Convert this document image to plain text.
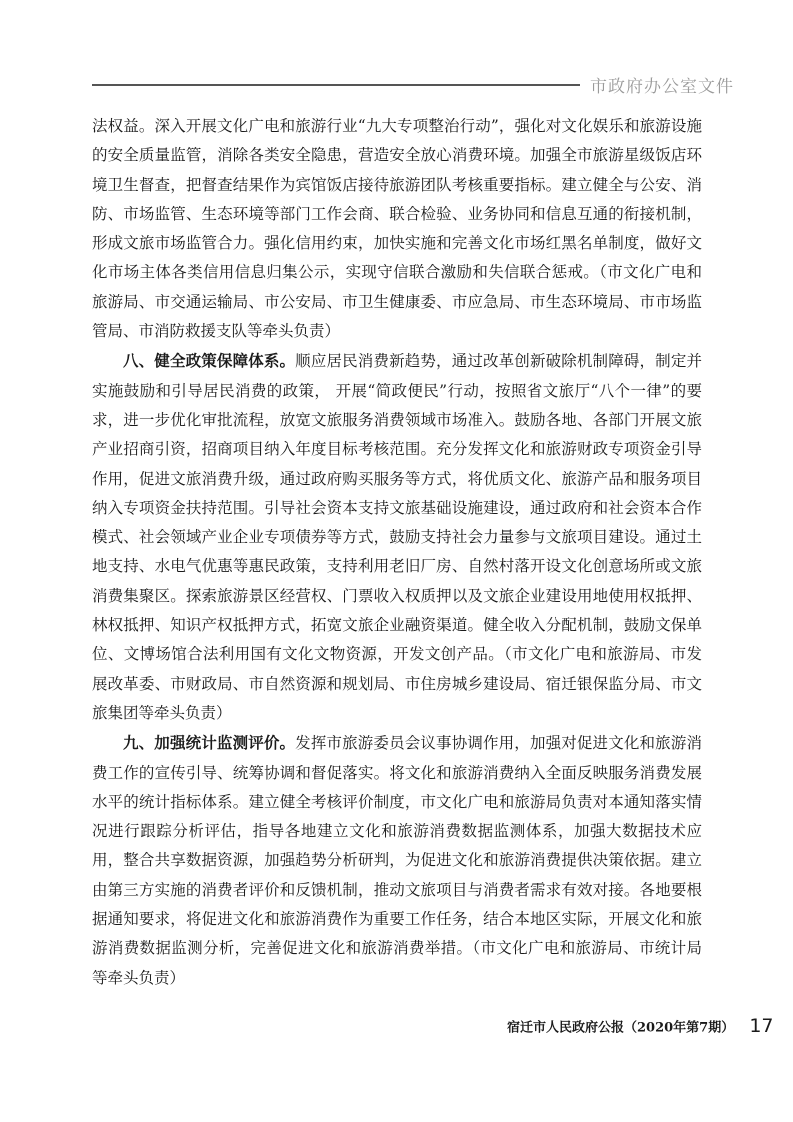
市政府办公室文件

法权益。深入开展文化广电和旅游行业“九大专项整治行动”，强化对文化娱乐和旅游设施的安全质量监管，消除各类安全隐患，营造安全放心消费环境。加强全市旅游星级饭店环境卫生督查，把督查结果作为宾馆饭店接待旅游团队考核重要指标。建立健全与公安、消防、市场监管、生态环境等部门工作会商、联合检验、业务协同和信息互通的衔接机制，形成文旅市场监管合力。强化信用约束，加快实施和完善文化市场红黑名单制度，做好文化市场主体各类信用信息归集公示，实现守信联合激励和失信联合惩戒。（市文化广电和旅游局、市交通运输局、市公安局、市卫生健康委、市应急局、市生态环境局、市市场监管局、市消防救援支队等牵头负责）

八、健全政策保障体系。顺应居民消费新趋势，通过改革创新破除机制障碍，制定并实施鼓励和引导居民消费的政策， 开展“简政便民”行动，按照省文旅厅“八个一律”的要求，进一步优化审批流程，放宽文旅服务消费领域市场准入。鼓励各地、各部门开展文旅产业招商引资，招商项目纳入年度目标考核范围。充分发挥文化和旅游财政专项资金引导作用，促进文旅消费升级，通过政府购买服务等方式，将优质文化、旅游产品和服务项目纳入专项资金扶持范围。引导社会资本支持文旅基础设施建设，通过政府和社会资本合作模式、社会领域产业企业专项债券等方式，鼓励支持社会力量参与文旅项目建设。通过土地支持、水电气优惠等惠民政策，支持利用老旧厂房、自然村落开设文化创意场所或文旅消费集聚区。探索旅游景区经营权、门票收入权质押以及文旅企业建设用地使用权抵押、林权抵押、知识产权抵押方式，拓宽文旅企业融资渠道。健全收入分配机制，鼓励文保单位、文博场馆合法利用国有文化文物资源，开发文创产品。（市文化广电和旅游局、市发展改革委、市财政局、市自然资源和规划局、市住房城乡建设局、宿迁银保监分局、市文旅集团等牵头负责）

九、加强统计监测评价。发挥市旅游委员会议事协调作用，加强对促进文化和旅游消费工作的宣传引导、统筹协调和督促落实。将文化和旅游消费纳入全面反映服务消费发展水平的统计指标体系。建立健全考核评价制度，市文化广电和旅游局负责对本通知落实情况进行跟踪分析评估，指导各地建立文化和旅游消费数据监测体系，加强大数据技术应用，整合共享数据资源，加强趋势分析研判，为促进文化和旅游消费提供决策依据。建立由第三方实施的消费者评价和反馈机制，推动文旅项目与消费者需求有效对接。各地要根据通知要求，将促进文化和旅游消费作为重要工作任务，结合本地区实际，开展文化和旅游消费数据监测分析，完善促进文化和旅游消费举措。（市文化广电和旅游局、市统计局等牵头负责）

宿迁市人民政府公报（2020年第7期） 17
